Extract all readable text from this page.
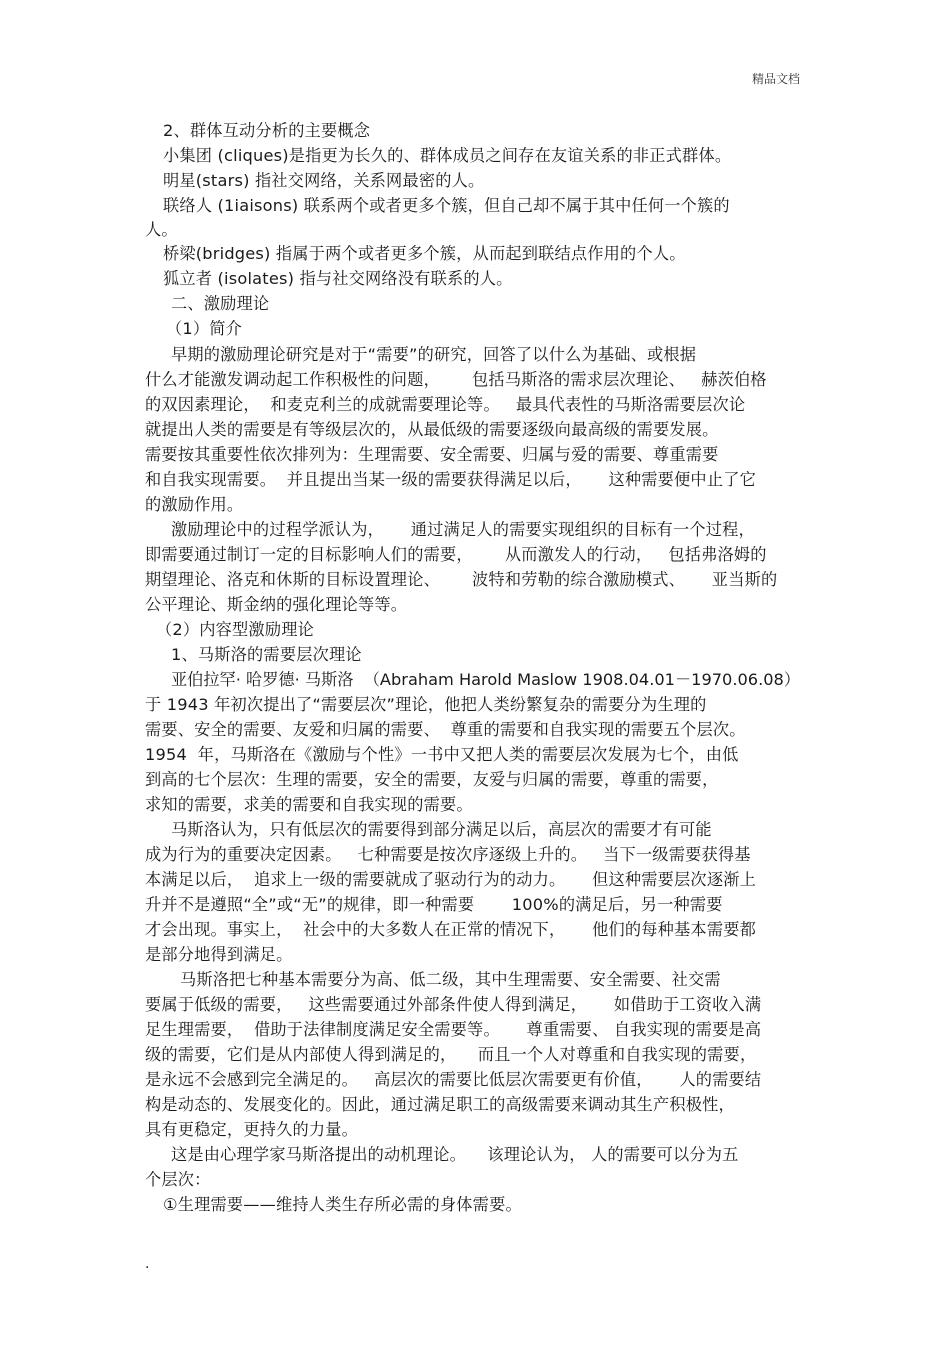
精品文档
2、群体互动分析的主要概念
小集团 (cliques)是指更为长久的、群体成员之间存在友谊关系的非正式群体。
明星(stars) 指社交网络，关系网最密的人。
联络人 (1iaisons) 联系两个或者更多个簇，但自己却不属于其中任何一个簇的
人。
桥梁(bridges) 指属于两个或者更多个簇，从而起到联结点作用的个人。
狐立者 (isolates) 指与社交网络没有联系的人。
二、激励理论
（1）简介
早期的激励理论研究是对于“需要”的研究，回答了以什么为基础、或根据
什么才能激发调动起工作积极性的问题，      包括马斯洛的需求层次理论、   赫茨伯格
的双因素理论，  和麦克利兰的成就需要理论等。   最具代表性的马斯洛需要层次论
就提出人类的需要是有等级层次的，从最低级的需要逐级向最高级的需要发展。
需要按其重要性依次排列为：生理需要、安全需要、归属与爱的需要、尊重需要
和自我实现需要。  并且提出当某一级的需要获得满足以后，     这种需要便中止了它
的激励作用。
激励理论中的过程学派认为，     通过满足人的需要实现组织的目标有一个过程，
即需要通过制订一定的目标影响人们的需要，      从而激发人的行动，   包括弗洛姆的
期望理论、洛克和休斯的目标设置理论、      波特和劳勒的综合激励模式、     亚当斯的
公平理论、斯金纳的强化理论等等。
（2）内容型激励理论
1、马斯洛的需要层次理论
亚伯拉罕· 哈罗德· 马斯洛  （Abraham Harold Maslow 1908.04.01－1970.06.08）
于 1943 年初次提出了“需要层次”理论，他把人类纷繁复杂的需要分为生理的
需要、安全的需要、友爱和归属的需要、  尊重的需要和自我实现的需要五个层次。
1954  年，马斯洛在《激励与个性》一书中又把人类的需要层次发展为七个，由低
到高的七个层次：生理的需要，安全的需要，友爱与归属的需要，尊重的需要，
求知的需要，求美的需要和自我实现的需要。
马斯洛认为，只有低层次的需要得到部分满足以后，高层次的需要才有可能
成为行为的重要决定因素。   七种需要是按次序逐级上升的。   当下一级需要获得基
本满足以后，  追求上一级的需要就成了驱动行为的动力。     但这种需要层次逐渐上
升并不是遵照“全”或“无”的规律，即一种需要       100%的满足后，另一种需要
才会出现。事实上，  社会中的大多数人在正常的情况下，     他们的每种基本需要都
是部分地得到满足。
马斯洛把七种基本需要分为高、低二级，其中生理需要、安全需要、社交需
要属于低级的需要，   这些需要通过外部条件使人得到满足，     如借助于工资收入满
足生理需要，  借助于法律制度满足安全需要等。     尊重需要、 自我实现的需要是高
级的需要，它们是从内部使人得到满足的，    而且一个人对尊重和自我实现的需要，
是永远不会感到完全满足的。   高层次的需要比低层次需要更有价值，     人的需要结
构是动态的、发展变化的。因此，通过满足职工的高级需要来调动其生产积极性，
具有更稳定，更持久的力量。
这是由心理学家马斯洛提出的动机理论。    该理论认为， 人的需要可以分为五
个层次：
①生理需要——维持人类生存所必需的身体需要。
.
